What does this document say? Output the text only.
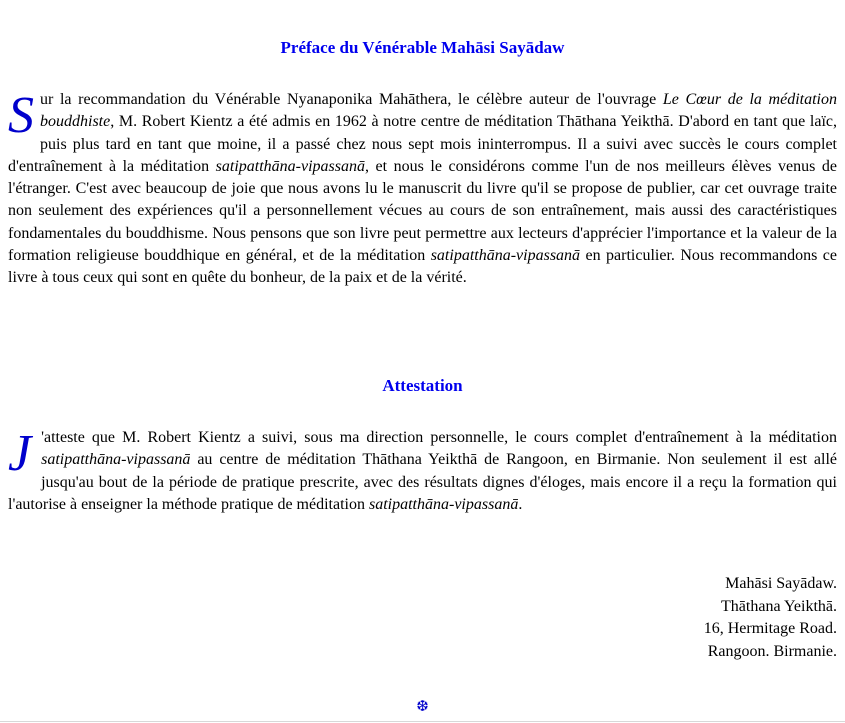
Préface du Vénérable Mahāsi Sayādaw

Sur la recommandation du Vénérable Nyanaponika Mahāthera, le célèbre auteur de l'ouvrage Le Cœur de la méditation bouddhiste, M. Robert Kientz a été admis en 1962 à notre centre de méditation Thāthana Yeikthā. D'abord en tant que laïc, puis plus tard en tant que moine, il a passé chez nous sept mois ininterrompus. Il a suivi avec succès le cours complet d'entraînement à la méditation satipatthāna-vipassanā, et nous le considérons comme l'un de nos meilleurs élèves venus de l'étranger. C'est avec beaucoup de joie que nous avons lu le manuscrit du livre qu'il se propose de publier, car cet ouvrage traite non seulement des expériences qu'il a personnellement vécues au cours de son entraînement, mais aussi des caractéristiques fondamentales du bouddhisme. Nous pensons que son livre peut permettre aux lecteurs d'apprécier l'importance et la valeur de la formation religieuse bouddhique en général, et de la méditation satipatthāna-vipassanā en particulier. Nous recommandons ce livre à tous ceux qui sont en quête du bonheur, de la paix et de la vérité.

Attestation

J 'atteste que M. Robert Kientz a suivi, sous ma direction personnelle, le cours complet d'entraînement à la méditation satipatthāna-vipassanā au centre de méditation Thāthana Yeikthā de Rangoon, en Birmanie. Non seulement il est allé jusqu'au bout de la période de pratique prescrite, avec des résultats dignes d'éloges, mais encore il a reçu la formation qui l'autorise à enseigner la méthode pratique de méditation satipatthāna-vipassanā.

Mahāsi Sayādaw.
Thāthana Yeikthā.
16, Hermitage Road.
Rangoon. Birmanie.
❆
